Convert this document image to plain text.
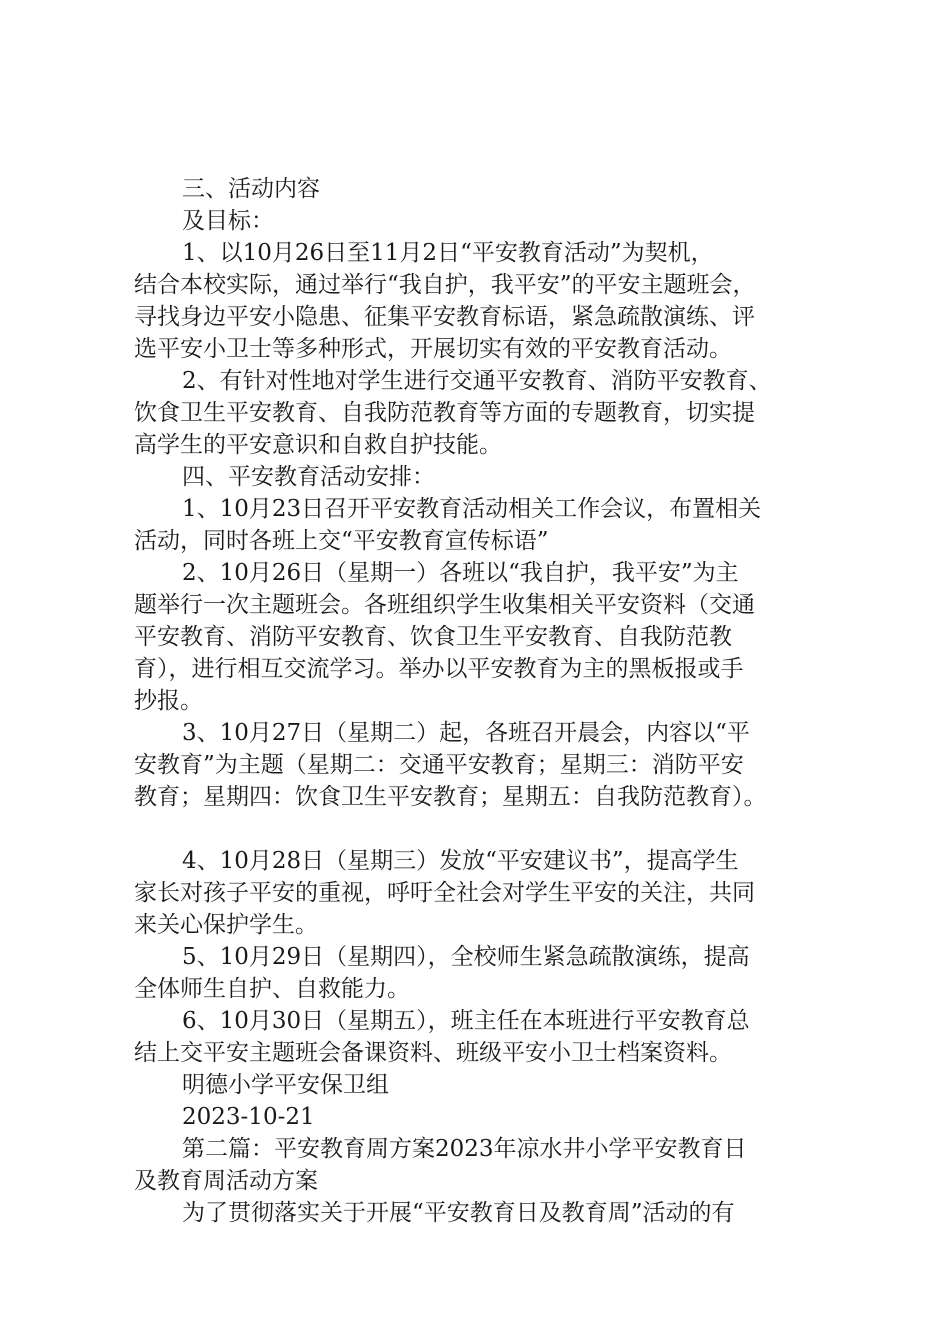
三、活动内容

及目标：

1、以10月26日至11月2日“平安教育活动”为契机，

结合本校实际，通过举行“我自护，我平安”的平安主题班会，

寻找身边平安小隐患、征集平安教育标语，紧急疏散演练、评

选平安小卫士等多种形式，开展切实有效的平安教育活动。

2、有针对性地对学生进行交通平安教育、消防平安教育、

饮食卫生平安教育、自我防范教育等方面的专题教育，切实提

高学生的平安意识和自救自护技能。

四、平安教育活动安排：

1、10月23日召开平安教育活动相关工作会议，布置相关

活动，同时各班上交“平安教育宣传标语”

2、10月26日（星期一）各班以“我自护，我平安”为主

题举行一次主题班会。各班组织学生收集相关平安资料（交通

平安教育、消防平安教育、饮食卫生平安教育、自我防范教

育），进行相互交流学习。举办以平安教育为主的黑板报或手

抄报。

3、10月27日（星期二）起，各班召开晨会，内容以“平

安教育”为主题（星期二：交通平安教育；星期三：消防平安

教育；星期四：饮食卫生平安教育；星期五：自我防范教育）。

4、10月28日（星期三）发放“平安建议书”，提高学生

家长对孩子平安的重视，呼吁全社会对学生平安的关注，共同

来关心保护学生。

5、10月29日（星期四），全校师生紧急疏散演练，提高

全体师生自护、自救能力。

6、10月30日（星期五），班主任在本班进行平安教育总

结上交平安主题班会备课资料、班级平安小卫士档案资料。

明德小学平安保卫组

2023-10-21

第二篇：平安教育周方案2023年凉水井小学平安教育日

及教育周活动方案

为了贯彻落实关于开展“平安教育日及教育周”活动的有
